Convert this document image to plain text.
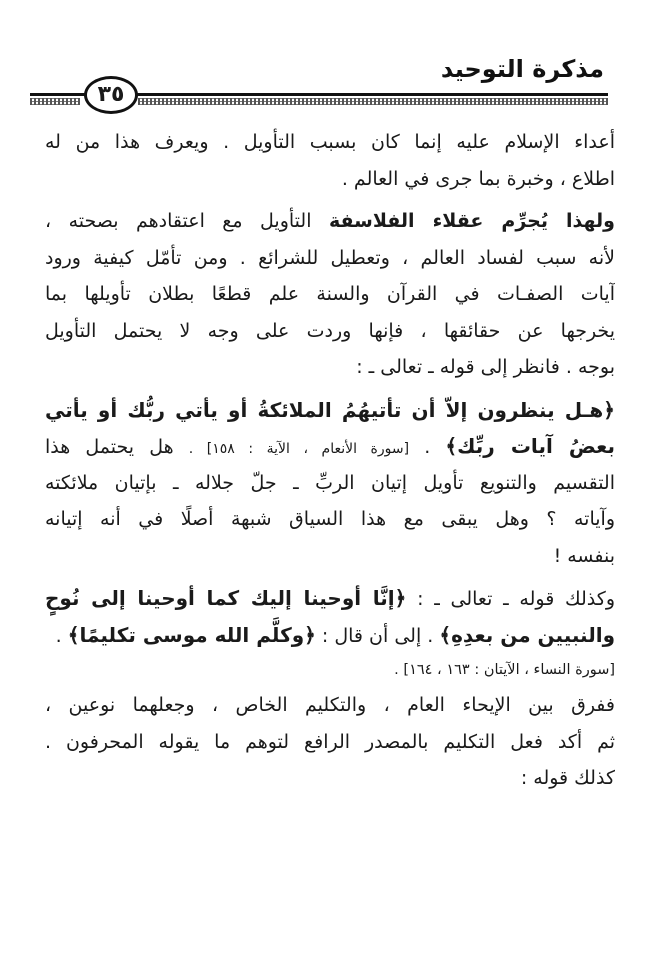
مذكرة التوحيد
٣٥
أعداء الإسلام عليه إنما كان بسبب التأويل . ويعرف هذا من له
اطلاع ، وخبرة بما جرى في العالم .
ولهذا يُجرِّم عقلاء الفلاسفة التأويل مع اعتقادهم بصحته ،
لأنه سبب لفساد العالم ، وتعطيل للشرائع . ومن تأمّل كيفية ورود
آيات الصفـات في القرآن والسنة علم قطعًا بطلان تأويلها بما
يخرجها عن حقائقها ، فإنها وردت على وجه لا يحتمل التأويل
بوجه . فانظر إلى قوله ـ تعالى ـ :
﴿هـل ينظرون إلاّ أن تأتيهُمُ الملائكةُ أو يأتي ربُّك أو يأتي
بعضُ آيات ربِّك﴾ . [سورة الأنعام ، الآية : ١٥٨] . هل يحتمل هذا
التقسيم والتنويع تأويل إتيان الربِّ ـ جلّ جلاله ـ بإتيان ملائكته
وآياته ؟ وهل يبقى مع هذا السياق شبهة أصلًا في أنه إتيانه
بنفسه !
وكذلك قوله ـ تعالى ـ : ﴿إنَّا أوحينا إليك كما أوحينا إلى نُوحٍ
والنبيين من بعدِهِ﴾ . إلى أن قال : ﴿وكلَّم الله موسى تكليمًا﴾ .
[سورة النساء ، الآيتان : ١٦٣ ، ١٦٤] .
ففرق بين الإيحاء العام ، والتكليم الخاص ، وجعلهما نوعين ،
ثم أكد فعل التكليم بالمصدر الرافع لتوهم ما يقوله المحرفون .
كذلك قوله :
